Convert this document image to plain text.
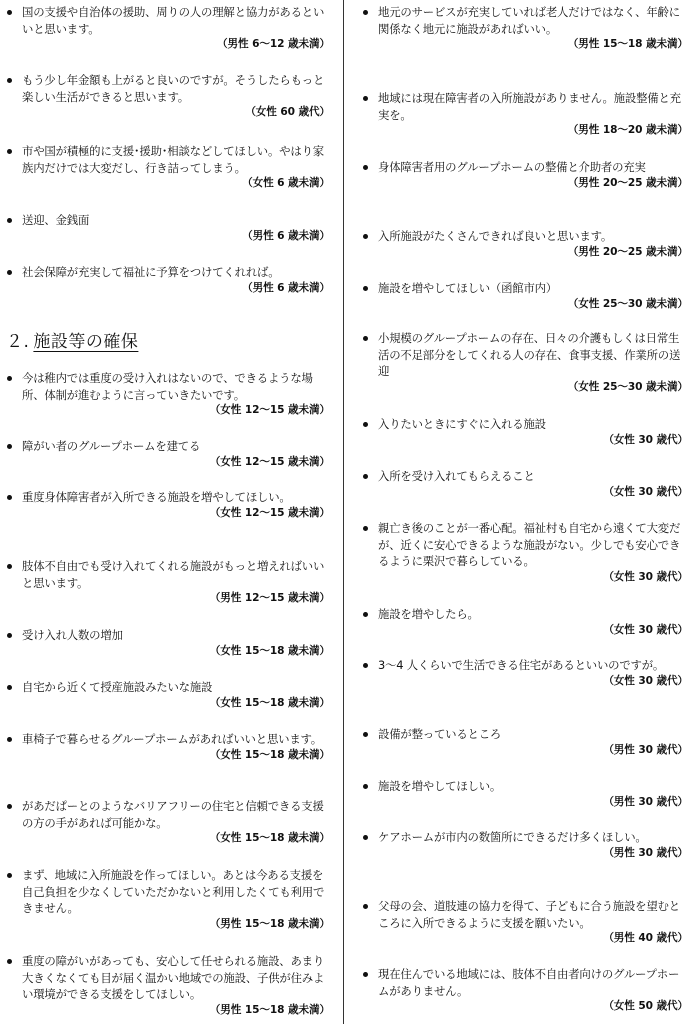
国の支援や自治体の援助、周りの人の理解と協力があるといいと思います。

（男性 6～12 歳未満）

もう少し年金額も上がると良いのですが。そうしたらもっと楽しい生活ができると思います。

（女性 60 歳代）

市や国が積極的に支援･援助･相談などしてほしい。やはり家族内だけでは大変だし、行き詰ってしまう。

（女性 6 歳未満）

送迎、金銭面

（男性 6 歳未満）

社会保障が充実して福祉に予算をつけてくれれば。

（男性 6 歳未満）

２. 施設等の確保

今は稚内では重度の受け入れはないので、できるような場所、体制が進むように言っていきたいです。

（女性 12～15 歳未満）

障がい者のグループホームを建てる

（女性 12～15 歳未満）

重度身体障害者が入所できる施設を増やしてほしい。

（女性 12～15 歳未満）

肢体不自由でも受け入れてくれる施設がもっと増えればいいと思います。

（男性 12～15 歳未満）

受け入れ人数の増加

（女性 15～18 歳未満）

自宅から近くて授産施設みたいな施設

（女性 15～18 歳未満）

車椅子で暮らせるグループホームがあればいいと思います。

（女性 15～18 歳未満）

があだぱーとのようなバリアフリーの住宅と信頼できる支援の方の手があれば可能かな。

（女性 15～18 歳未満）

まず、地域に入所施設を作ってほしい。あとは今ある支援を自己負担を少なくしていただかないと利用したくても利用できません。

（男性 15～18 歳未満）

重度の障がいがあっても、安心して任せられる施設、あまり大きくなくても目が届く温かい地域での施設、子供が住みよい環境ができる支援をしてほしい。

（男性 15～18 歳未満）

地元のサービスが充実していれば老人だけではなく、年齢に関係なく地元に施設があればいい。

（男性 15～18 歳未満）

地域には現在障害者の入所施設がありません。施設整備と充実を。

（男性 18～20 歳未満）

身体障害者用のグループホームの整備と介助者の充実

（男性 20～25 歳未満）

入所施設がたくさんできれば良いと思います。

（男性 20～25 歳未満）

施設を増やしてほしい（函館市内）

（女性 25～30 歳未満）

小規模のグループホームの存在、日々の介護もしくは日常生活の不足部分をしてくれる人の存在、食事支援、作業所の送迎

（女性 25～30 歳未満）

入りたいときにすぐに入れる施設

（女性 30 歳代）

入所を受け入れてもらえること

（女性 30 歳代）

親亡き後のことが一番心配。福祉村も自宅から遠くて大変だが、近くに安心できるような施設がない。少しでも安心できるように栗沢で暮らしている。

（女性 30 歳代）

施設を増やしたら。

（女性 30 歳代）

3～4 人くらいで生活できる住宅があるといいのですが。

（女性 30 歳代）

設備が整っているところ

（男性 30 歳代）

施設を増やしてほしい。

（男性 30 歳代）

ケアホームが市内の数箇所にできるだけ多くほしい。

（男性 30 歳代）

父母の会、道肢連の協力を得て、子どもに合う施設を望むところに入所できるように支援を願いたい。

（男性 40 歳代）

現在住んでいる地域には、肢体不自由者向けのグループホームがありません。

（女性 50 歳代）
